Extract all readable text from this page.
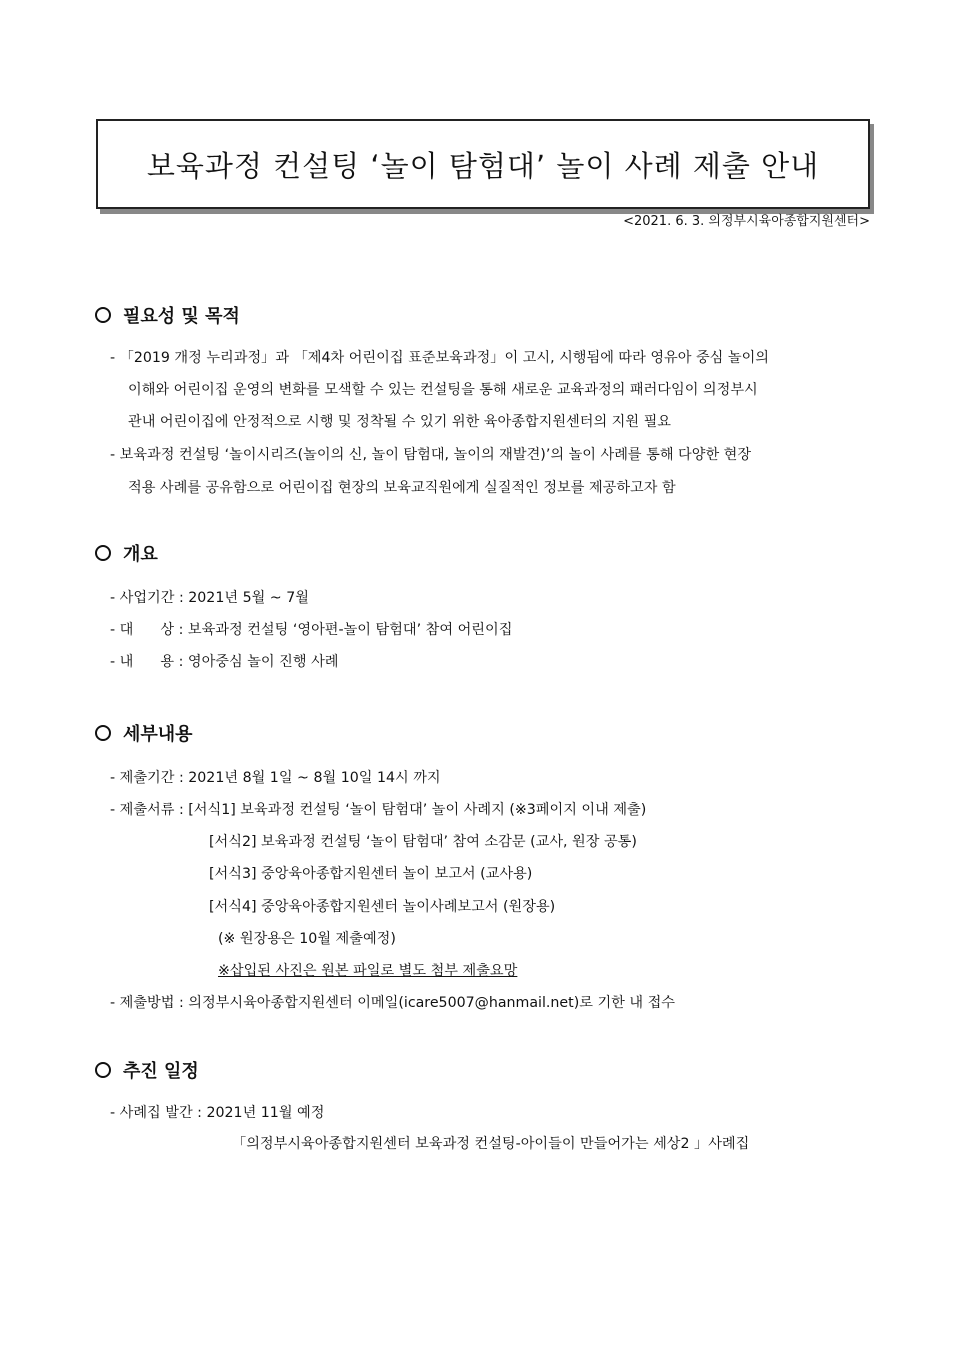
보육과정 컨설팅 ‘놀이 탐험대’ 놀이 사례 제출 안내
<2021. 6. 3. 의정부시육아종합지원센터>
필요성 및 목적
- 「2019 개정 누리과정」과 「제4차 어린이집 표준보육과정」이 고시, 시행됨에 따라 영유아 중심 놀이의
이해와 어린이집 운영의 변화를 모색할 수 있는 컨설팅을 통해 새로운 교육과정의 패러다임이 의정부시
관내 어린이집에 안정적으로 시행 및 정착될 수 있기 위한 육아종합지원센터의 지원 필요
- 보육과정 컨설팅 ‘놀이시리즈(놀이의 신, 놀이 탐험대, 놀이의 재발견)’의 놀이 사례를 통해 다양한 현장
적용 사례를 공유함으로 어린이집 현장의 보육교직원에게 실질적인 정보를 제공하고자 함
개요
- 사업기간 : 2021년 5월 ~ 7월
- 대      상 : 보육과정 컨설팅 ‘영아편-놀이 탐험대’ 참여 어린이집
- 내      용 : 영아중심 놀이 진행 사례
세부내용
- 제출기간 : 2021년 8월 1일 ~ 8월 10일 14시 까지
- 제출서류 : [서식1] 보육과정 컨설팅 ‘놀이 탐험대’ 놀이 사례지 (※3페이지 이내 제출)
[서식2] 보육과정 컨설팅 ‘놀이 탐험대’ 참여 소감문 (교사, 원장 공통)
[서식3] 중앙육아종합지원센터 놀이 보고서 (교사용)
[서식4] 중앙육아종합지원센터 놀이사례보고서 (원장용)
(※ 원장용은 10월 제출예정)
※삽입된 사진은 원본 파일로 별도 첨부 제출요망
- 제출방법 : 의정부시육아종합지원센터 이메일(icare5007@hanmail.net)로 기한 내 접수
추진 일정
- 사례집 발간 : 2021년 11월 예정
「의정부시육아종합지원센터 보육과정 컨설팅-아이들이 만들어가는 세상2 」사례집
